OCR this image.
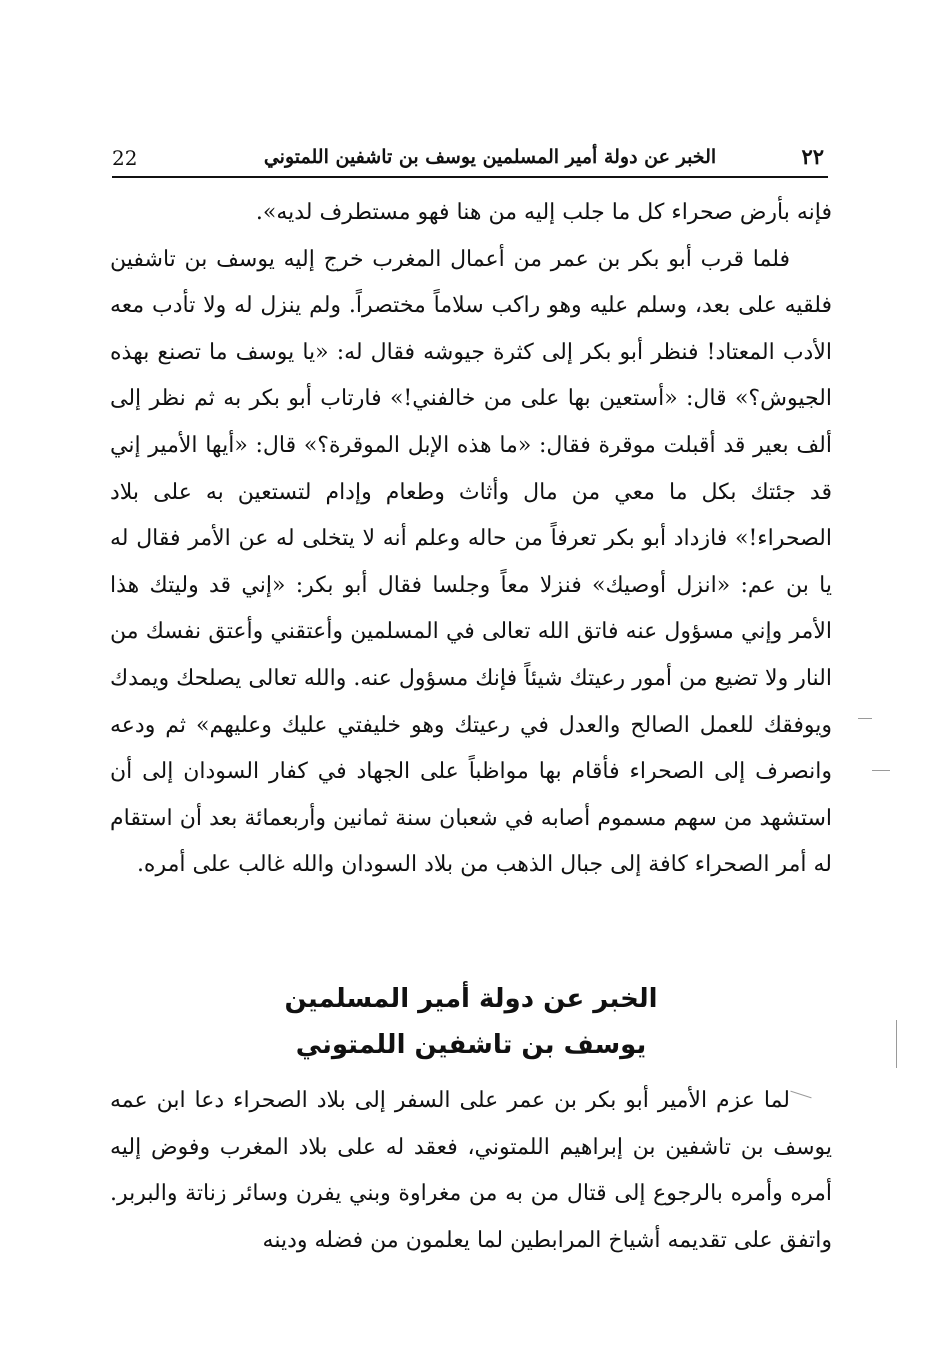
22	الخبر عن دولة أمير المسلمين يوسف بن تاشفين اللمتوني	٢٢

فإنه بأرض صحراء كل ما جلب إليه من هنا فهو مستطرف لديه».

فلما قرب أبو بكر بن عمر من أعمال المغرب خرج إليه يوسف بن تاشفين فلقيه على بعد، وسلم عليه وهو راكب سلاماً مختصراً. ولم ينزل له ولا تأدب معه الأدب المعتاد! فنظر أبو بكر إلى كثرة جيوشه فقال له: «يا يوسف ما تصنع بهذه الجيوش؟» قال: «أستعين بها على من خالفني!» فارتاب أبو بكر به ثم نظر إلى ألف بعير قد أقبلت موقرة فقال: «ما هذه الإبل الموقرة؟» قال: «أيها الأمير إني قد جئتك بكل ما معي من مال وأثاث وطعام وإدام لتستعين به على بلاد الصحراء!» فازداد أبو بكر تعرفاً من حاله وعلم أنه لا يتخلى له عن الأمر فقال له يا بن عم: «انزل أوصيك» فنزلا معاً وجلسا فقال أبو بكر: «إني قد وليتك هذا الأمر وإني مسؤول عنه فاتق الله تعالى في المسلمين وأعتقني وأعتق نفسك من النار ولا تضيع من أمور رعيتك شيئاً فإنك مسؤول عنه. والله تعالى يصلحك ويمدك ويوفقك للعمل الصالح والعدل في رعيتك وهو خليفتي عليك وعليهم» ثم ودعه وانصرف إلى الصحراء فأقام بها مواظباً على الجهاد في كفار السودان إلى أن استشهد من سهم مسموم أصابه في شعبان سنة ثمانين وأربعمائة بعد أن استقام له أمر الصحراء كافة إلى جبال الذهب من بلاد السودان والله غالب على أمره.

الخبر عن دولة أمير المسلمين
يوسف بن تاشفين اللمتوني

لما عزم الأمير أبو بكر بن عمر على السفر إلى بلاد الصحراء دعا ابن عمه يوسف بن تاشفين بن إبراهيم اللمتوني، فعقد له على بلاد المغرب وفوض إليه أمره وأمره بالرجوع إلى قتال من به من مغراوة وبني يفرن وسائر زناتة والبربر. واتفق على تقديمه أشياخ المرابطين لما يعلمون من فضله ودينه
